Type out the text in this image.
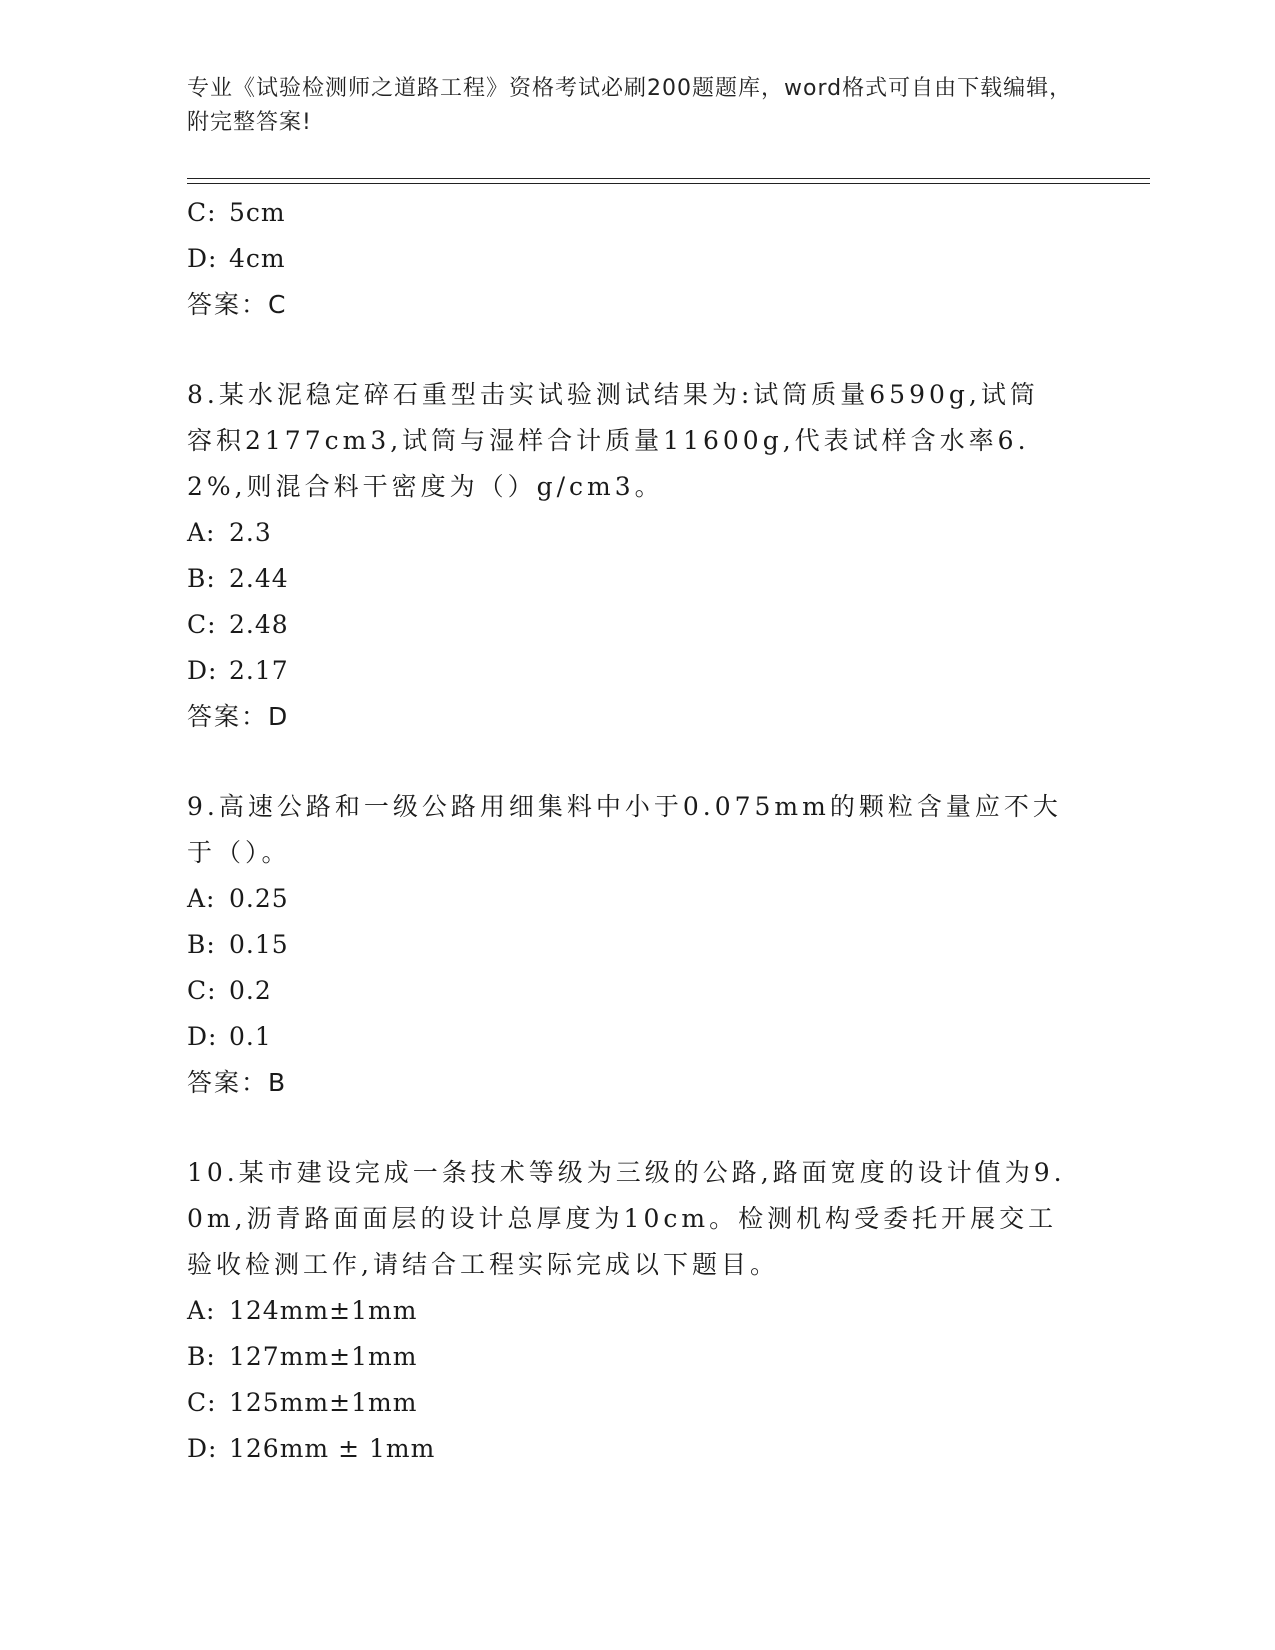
专业《试验检测师之道路工程》资格考试必刷200题题库，word格式可自由下载编辑，附完整答案!
C: 5cm
D: 4cm
答案：C
8.某水泥稳定碎石重型击实试验测试结果为:试筒质量6590g,试筒容积2177cm3,试筒与湿样合计质量11600g,代表试样含水率6.2%,则混合料干密度为（）g/cm3。
A: 2.3
B: 2.44
C: 2.48
D: 2.17
答案：D
9.高速公路和一级公路用细集料中小于0.075mm的颗粒含量应不大于（）。
A: 0.25
B: 0.15
C: 0.2
D: 0.1
答案：B
10.某市建设完成一条技术等级为三级的公路,路面宽度的设计值为9.0m,沥青路面面层的设计总厚度为10cm。检测机构受委托开展交工验收检测工作,请结合工程实际完成以下题目。
A: 124mm±1mm
B: 127mm±1mm
C: 125mm±1mm
D: 126mm ± 1mm
